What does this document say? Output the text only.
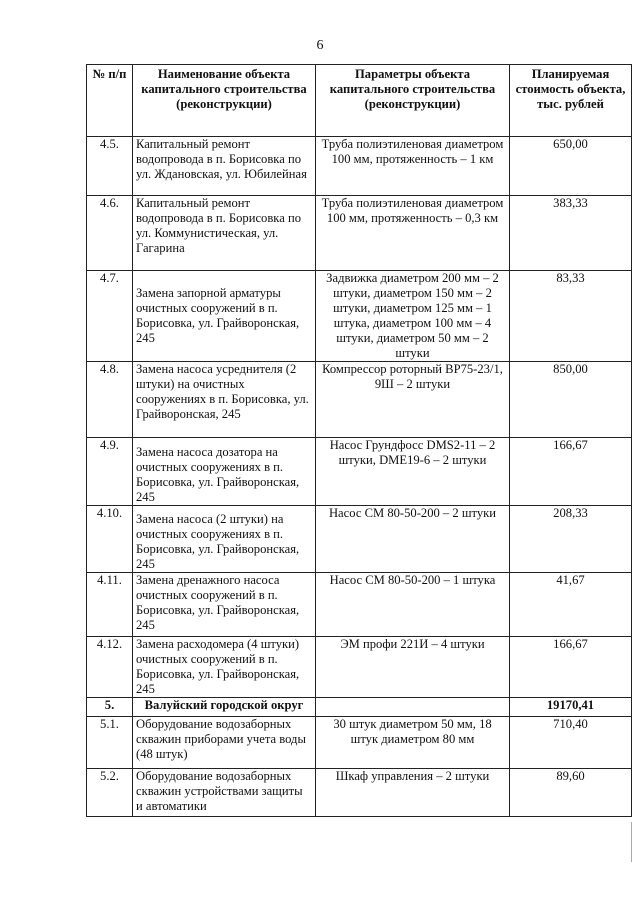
6
№ п/п	Наименование объекта капитального строительства (реконструкции)	Параметры объекта капитального строительства (реконструкции)	Планируемая стоимость объекта, тыс. рублей
4.5.	Капитальный ремонт водопровода в п. Борисовка по ул. Ждановская, ул. Юбилейная	Труба полиэтиленовая диаметром 100 мм, протяженность – 1 км	650,00
4.6.	Капитальный ремонт водопровода в п. Борисовка по ул. Коммунистическая, ул. Гагарина	Труба полиэтиленовая диаметром 100 мм, протяженность – 0,3 км	383,33
4.7.	Замена запорной арматуры очистных сооружений в п. Борисовка, ул. Грайворонская, 245	Задвижка диаметром 200 мм – 2 штуки, диаметром 150 мм – 2 штуки, диаметром 125 мм – 1 штука, диаметром 100 мм – 4 штуки, диаметром 50 мм – 2 штуки	83,33
4.8.	Замена насоса усреднителя (2 штуки) на очистных сооружениях в п. Борисовка, ул. Грайворонская, 245	Компрессор роторный ВР75-23/1, 9Ш – 2 штуки	850,00
4.9.	Замена насоса дозатора на очистных сооружениях в п. Борисовка, ул. Грайворонская, 245	Насос Грундфосс DMS2-11 – 2 штуки, DME19-6 – 2 штуки	166,67
4.10.	Замена насоса (2 штуки) на очистных сооружениях в п. Борисовка, ул. Грайворонская, 245	Насос СМ 80-50-200 – 2 штуки	208,33
4.11.	Замена дренажного насоса очистных сооружений в п. Борисовка, ул. Грайворонская, 245	Насос СМ 80-50-200 – 1 штука	41,67
4.12.	Замена расходомера (4 штуки) очистных сооружений в п. Борисовка, ул. Грайворонская, 245	ЭМ профи 221И – 4 штуки	166,67
5.	Валуйский городской округ		19170,41
5.1.	Оборудование водозаборных скважин приборами учета воды (48 штук)	30 штук диаметром 50 мм, 18 штук диаметром 80 мм	710,40
5.2.	Оборудование водозаборных скважин устройствами защиты и автоматики	Шкаф управления – 2 штуки	89,60
